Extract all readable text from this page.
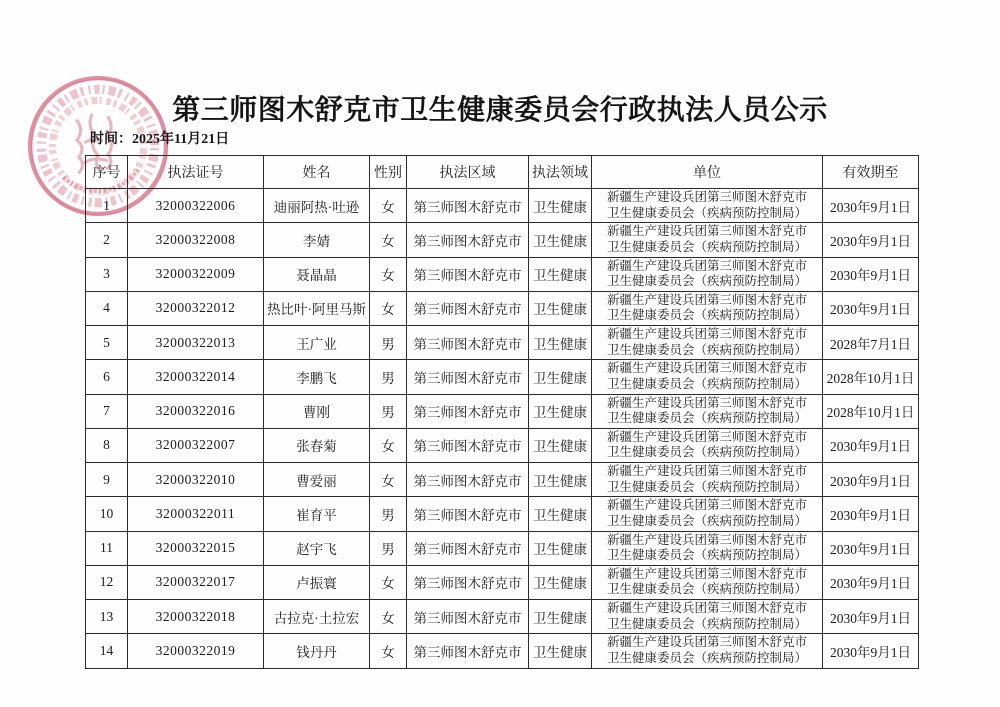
第三师图木舒克市卫生健康委员会行政执法人员公示
时间：2025年11月21日
序号	执法证号	姓名	性别	执法区域	执法领域	单位	有效期至
1	32000322006	迪丽阿热·吐逊	女	第三师图木舒克市	卫生健康	新疆生产建设兵团第三师图木舒克市
卫生健康委员会（疾病预防控制局）	2030年9月1日
2	32000322008	李婧	女	第三师图木舒克市	卫生健康	新疆生产建设兵团第三师图木舒克市
卫生健康委员会（疾病预防控制局）	2030年9月1日
3	32000322009	聂晶晶	女	第三师图木舒克市	卫生健康	新疆生产建设兵团第三师图木舒克市
卫生健康委员会（疾病预防控制局）	2030年9月1日
4	32000322012	热比叶·阿里马斯	女	第三师图木舒克市	卫生健康	新疆生产建设兵团第三师图木舒克市
卫生健康委员会（疾病预防控制局）	2030年9月1日
5	32000322013	王广业	男	第三师图木舒克市	卫生健康	新疆生产建设兵团第三师图木舒克市
卫生健康委员会（疾病预防控制局）	2028年7月1日
6	32000322014	李鹏飞	男	第三师图木舒克市	卫生健康	新疆生产建设兵团第三师图木舒克市
卫生健康委员会（疾病预防控制局）	2028年10月1日
7	32000322016	曹刚	男	第三师图木舒克市	卫生健康	新疆生产建设兵团第三师图木舒克市
卫生健康委员会（疾病预防控制局）	2028年10月1日
8	32000322007	张春菊	女	第三师图木舒克市	卫生健康	新疆生产建设兵团第三师图木舒克市
卫生健康委员会（疾病预防控制局）	2030年9月1日
9	32000322010	曹爱丽	女	第三师图木舒克市	卫生健康	新疆生产建设兵团第三师图木舒克市
卫生健康委员会（疾病预防控制局）	2030年9月1日
10	32000322011	崔育平	男	第三师图木舒克市	卫生健康	新疆生产建设兵团第三师图木舒克市
卫生健康委员会（疾病预防控制局）	2030年9月1日
11	32000322015	赵宇飞	男	第三师图木舒克市	卫生健康	新疆生产建设兵团第三师图木舒克市
卫生健康委员会（疾病预防控制局）	2030年9月1日
12	32000322017	卢振寰	女	第三师图木舒克市	卫生健康	新疆生产建设兵团第三师图木舒克市
卫生健康委员会（疾病预防控制局）	2030年9月1日
13	32000322018	古拉克·土拉宏	女	第三师图木舒克市	卫生健康	新疆生产建设兵团第三师图木舒克市
卫生健康委员会（疾病预防控制局）	2030年9月1日
14	32000322019	钱丹丹	女	第三师图木舒克市	卫生健康	新疆生产建设兵团第三师图木舒克市
卫生健康委员会（疾病预防控制局）	2030年9月1日
